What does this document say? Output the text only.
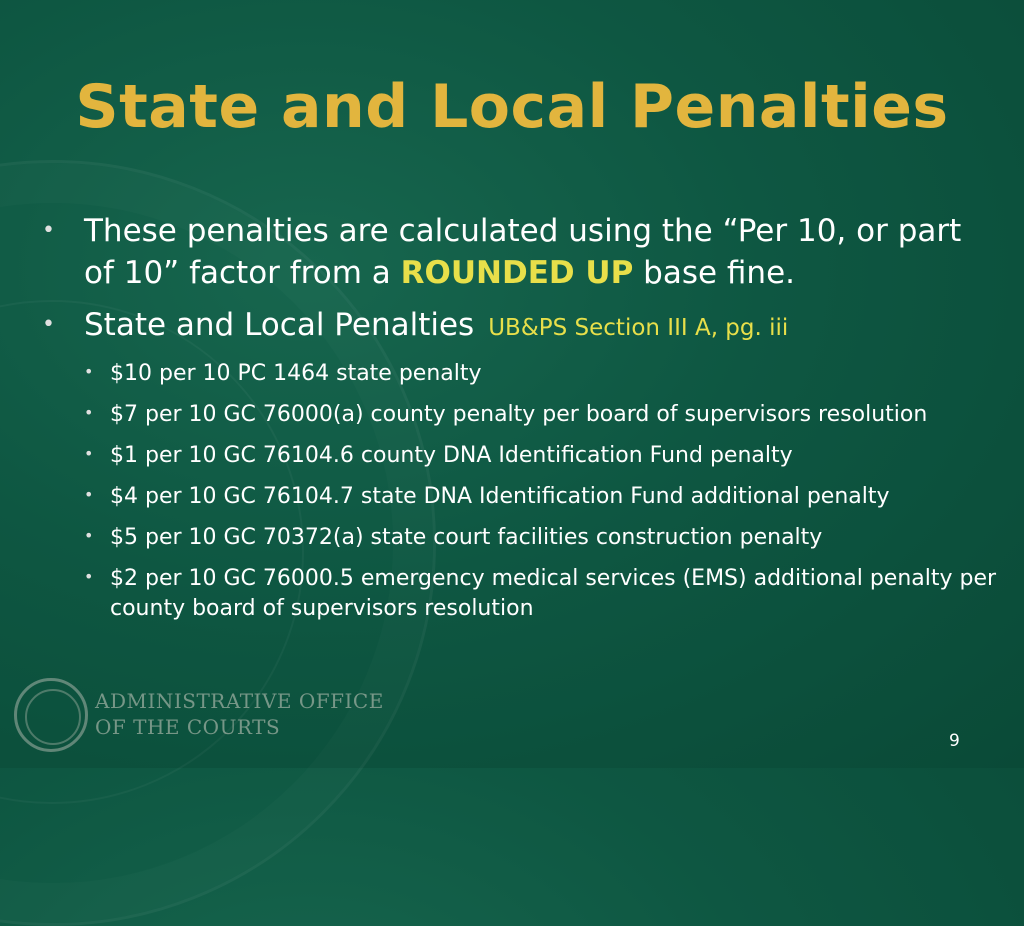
State and Local Penalties
• These penalties are calculated using the “Per 10, or part of 10” factor from a ROUNDED UP base fine.
• State and Local Penalties UB&PS Section III A, pg. iii
• $10 per 10 PC 1464 state penalty
• $7 per 10 GC 76000(a) county penalty per board of supervisors resolution
• $1 per 10 GC 76104.6 county DNA Identification Fund penalty
• $4 per 10 GC 76104.7 state DNA Identification Fund additional penalty
• $5 per 10 GC 70372(a) state court facilities construction penalty
• $2 per 10 GC 76000.5 emergency medical services (EMS) additional penalty per county board of supervisors resolution
ADMINISTRATIVE OFFICE
OF THE COURTS
9
